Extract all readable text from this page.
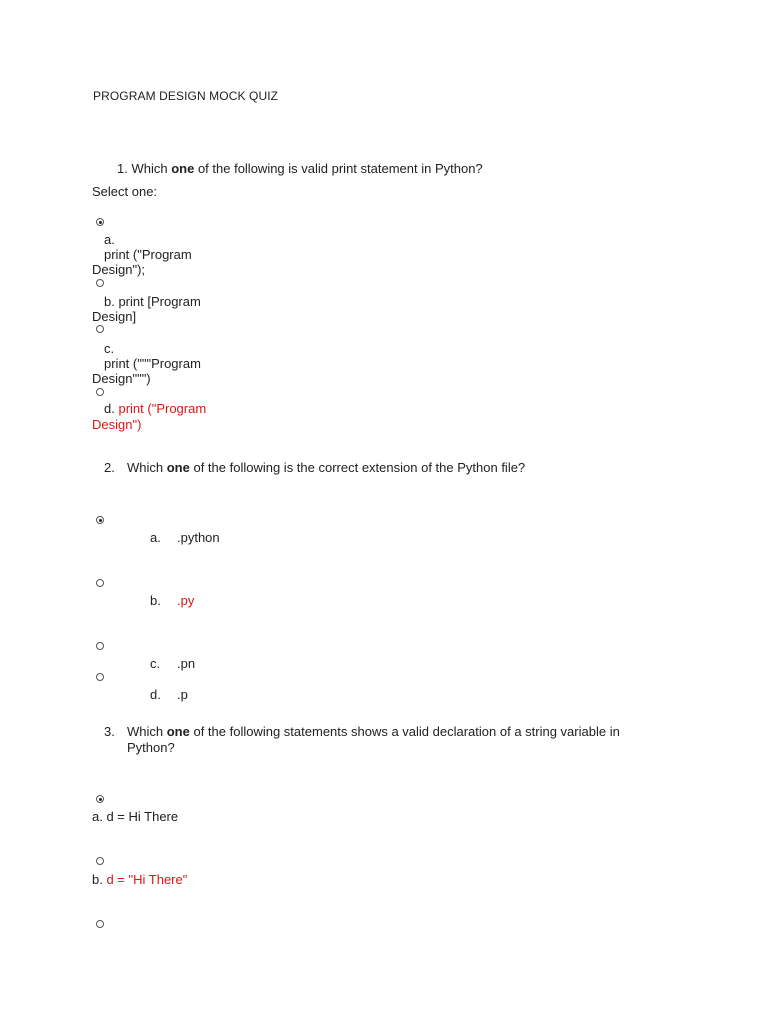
PROGRAM DESIGN MOCK QUIZ
1. Which one of the following is valid print statement in Python?
Select one:
a.
print ("Program
Design");
b. print [Program
Design]
c.
print ("""Program
Design""")
d. print ("Program
Design")
2. Which one of the following is the correct extension of the Python file?
a. .python
b. .py
c. .pn
d. .p
3. Which one of the following statements shows a valid declaration of a string variable in
Python?
a. d = Hi There
b. d = "Hi There"
